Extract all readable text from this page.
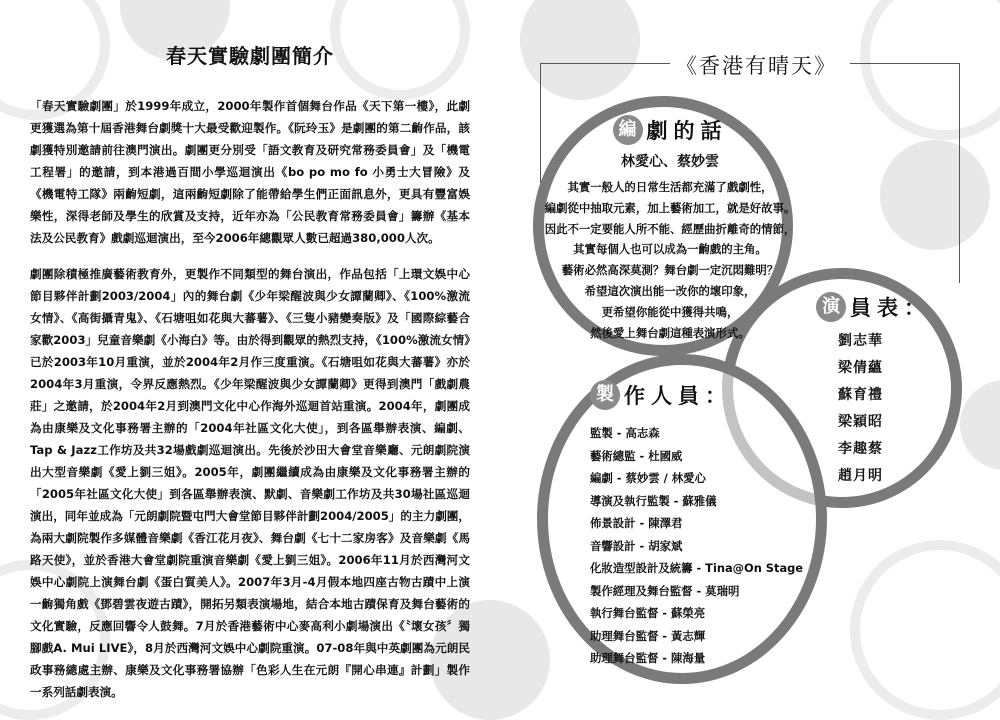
春天實驗劇團簡介

「春天實驗劇團」於1999年成立，2000年製作首個舞台作品《天下第一樓》，此劇更獲選為第十屆香港舞台劇獎十大最受歡迎製作。《阮玲玉》是劇團的第二齣作品，該劇獲特別邀請前往澳門演出。劇團更分別受「語文教育及研究常務委員會」及「機電工程署」的邀請，到本港過百間小學巡迴演出《bo po mo fo 小勇士大冒險》及《機電特工隊》兩齣短劇，這兩齣短劇除了能帶給學生們正面訊息外，更具有豐富娛樂性，深得老師及學生的欣賞及支持，近年亦為「公民教育常務委員會」籌辦《基本法及公民教育》戲劇巡迴演出，至今2006年總觀眾人數已超過380,000人次。

劇團除積極推廣藝術教育外，更製作不同類型的舞台演出，作品包括「上環文娛中心節目夥伴計劃2003/2004」內的舞台劇《少年梁醒波與少女譚蘭卿》、《100%激流女情》、《高街攝青鬼》、《石塘咀如花與大蕃薯》、《三隻小豬變奏版》及「國際綜藝合家歡2003」兒童音樂劇《小海白》等。由於得到觀眾的熱烈支持，《100%激流女情》已於2003年10月重演，並於2004年2月作三度重演。《石塘咀如花與大蕃薯》亦於2004年3月重演，令界反應熱烈。《少年梁醒波與少女譚蘭卿》更得到澳門「戲劇農莊」之邀請，於2004年2月到澳門文化中心作海外巡迴首站重演。2004年，劇團成為由康樂及文化事務署主辦的「2004年社區文化大使」，到各區舉辦表演、編劇、Tap & Jazz工作坊及共32場戲劇巡迴演出。先後於沙田大會堂音樂廳、元朗劇院演出大型音樂劇《愛上劉三姐》。2005年，劇團繼續成為由康樂及文化事務署主辦的「2005年社區文化大使」到各區舉辦表演、默劇、音樂劇工作坊及共30場社區巡迴演出，同年並成為「元朗劇院暨屯門大會堂節目夥伴計劃2004/2005」的主力劇團，為兩大劇院製作多媒體音樂劇《香江花月夜》、舞台劇《七十二家房客》及音樂劇《馬路天使》，並於香港大會堂劇院重演音樂劇《愛上劉三姐》。2006年11月於西灣河文娛中心劇院上演舞台劇《蛋白質美人》。2007年3月-4月假本地四座古物古蹟中上演一齣獨角戲《鄧碧雲夜遊古蹟》，開拓另類表演場地，結合本地古蹟保育及舞台藝術的文化實驗，反應回響令人鼓舞。7月於香港藝術中心麥高利小劇場演出《〝壞女孩〞獨腳戲A. Mui LIVE》，8月於西灣河文娛中心劇院重演。07-08年與中英劇團為元朗民政事務總處主辦、康樂及文化事務署協辦「色彩人生在元朗『開心串連』計劃」製作一系列話劇表演。

《香港有晴天》
編 劇的話
林愛心、蔡妙雲
其實一般人的日常生活都充滿了戲劇性，
編劇從中抽取元素，加上藝術加工，就是好故事。
因此不一定要能人所不能、經歷曲折離奇的情節，
其實每個人也可以成為一齣戲的主角。
藝術必然高深莫測？舞台劇一定沉悶難明？
希望這次演出能一改你的壞印象，
更希望你能從中獲得共鳴，
然後愛上舞台劇這種表演形式。
演 員表：
劉志華
梁倩蘊
蘇育禮
梁穎昭
李趣蔡
趙月明
製 作人員：
監製 - 高志森
藝術總監 - 杜國威
編劇 - 蔡妙雲 / 林愛心
導演及執行監製 - 蘇雅儀
佈景設計 - 陳澤君
音響設計 - 胡家斌
化妝造型設計及統籌 - Tina@On Stage
製作經理及舞台監督 - 莫瑞明
執行舞台監督 - 蘇榮亮
助理舞台監督 - 黃志輝
助理舞台監督 - 陳海量
